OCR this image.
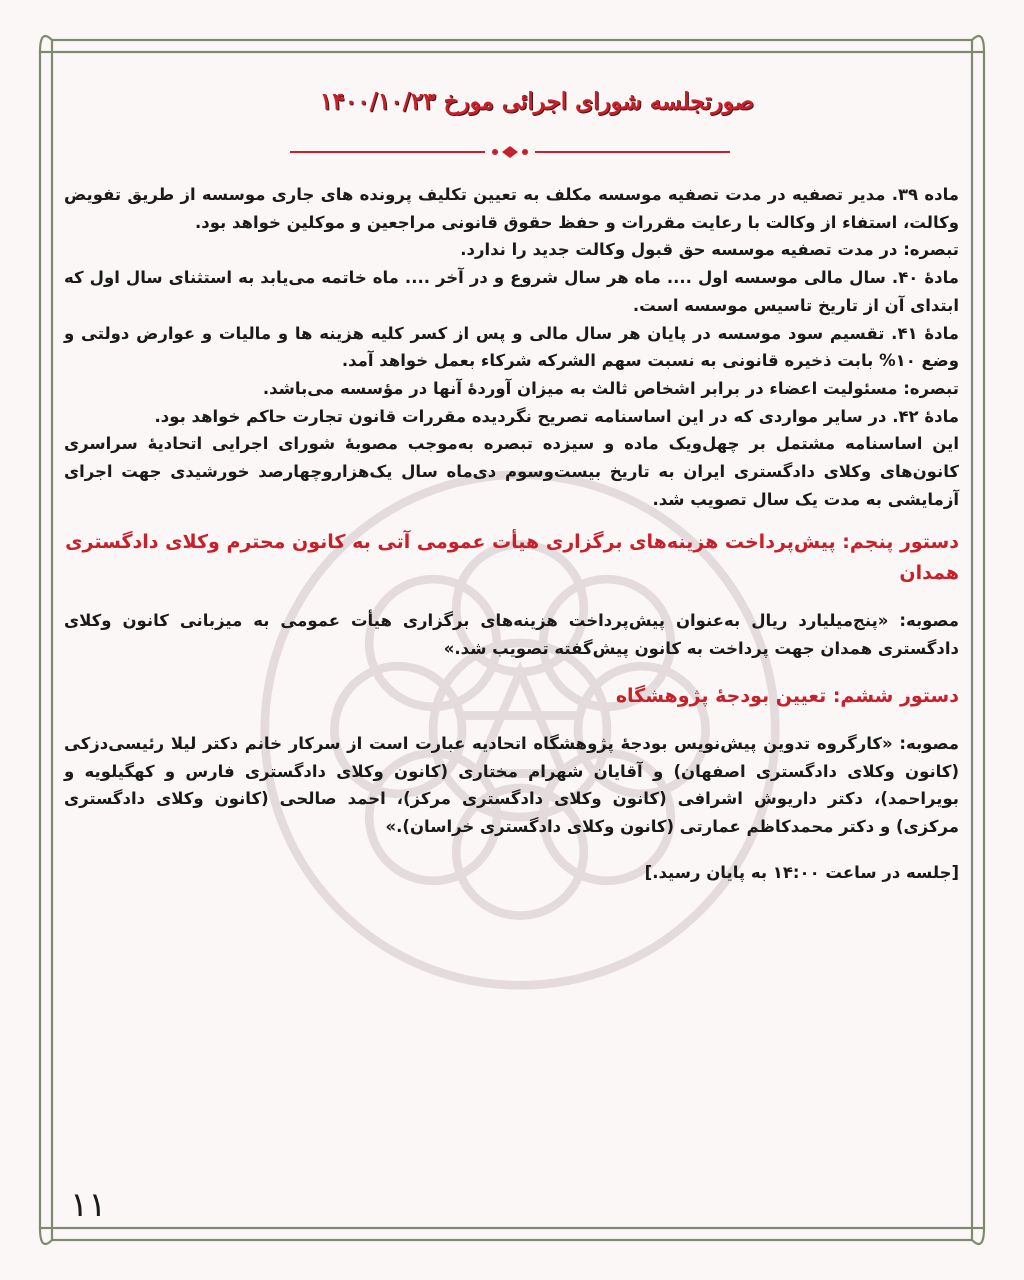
صورتجلسه شورای اجرائی مورخ ۱۴۰۰/۱۰/۲۳

ماده ۳۹. مدیر تصفیه در مدت تصفیه موسسه مکلف به تعیین تکلیف پرونده های جاری موسسه از طریق تفویض وکالت، استفاء از وکالت با رعایت مقررات و حفظ حقوق قانونی مراجعین و موکلین خواهد بود.

تبصره: در مدت تصفیه موسسه حق قبول وکالت جدید را ندارد.

مادۀ ۴۰. سال مالی موسسه اول .... ماه هر سال شروع و در آخر .... ماه خاتمه می‌یابد به استثنای سال اول که ابتدای آن از تاریخ تاسیس موسسه است.

مادۀ ۴۱. تقسیم سود موسسه در پایان هر سال مالی و پس از کسر کلیه هزینه ها و مالیات و عوارض دولتی و وضع ۱۰% بابت ذخیره قانونی به نسبت سهم الشرکه شرکاء بعمل خواهد آمد.

تبصره: مسئولیت اعضاء در برابر اشخاص ثالث به میزان آوردۀ آنها در مؤسسه می‌باشد.

مادۀ ۴۲. در سایر مواردی که در این اساسنامه تصریح نگردیده مقررات قانون تجارت حاکم خواهد بود.

این اساسنامه مشتمل بر چهل‌ویک ماده و سیزده تبصره به‌موجب مصوبۀ شورای اجرایی اتحادیۀ سراسری کانون‌های وکلای دادگستری ایران به تاریخ بیست‌وسوم دی‌ماه سال یک‌هزاروچهارصد خورشیدی جهت اجرای آزمایشی به مدت یک سال تصویب شد.

دستور پنجم: پیش‌پرداخت هزینه‌های برگزاری هیأت عمومی آتی به کانون محترم وکلای دادگستری همدان

مصوبه: «پنج‌میلیارد ریال به‌عنوان پیش‌پرداخت هزینه‌های برگزاری هیأت عمومی به میزبانی کانون وکلای دادگستری همدان جهت پرداخت به کانون پیش‌گفته تصویب شد.»

دستور ششم: تعیین بودجۀ پژوهشگاه

مصوبه: «کارگروه تدوین پیش‌نویس بودجۀ پژوهشگاه اتحادیه عبارت است از سرکار خانم دکتر لیلا رئیسی‌دزکی (کانون وکلای دادگستری اصفهان) و آقایان شهرام مختاری (کانون وکلای دادگستری فارس و کهگیلویه و بویراحمد)، دکتر داریوش اشرافی (کانون وکلای دادگستری مرکز)، احمد صالحی (کانون وکلای دادگستری مرکزی) و دکتر محمدکاظم عمارتی (کانون وکلای دادگستری خراسان).»

[جلسه در ساعت ۱۴:۰۰ به پایان رسید.]

۱۱
